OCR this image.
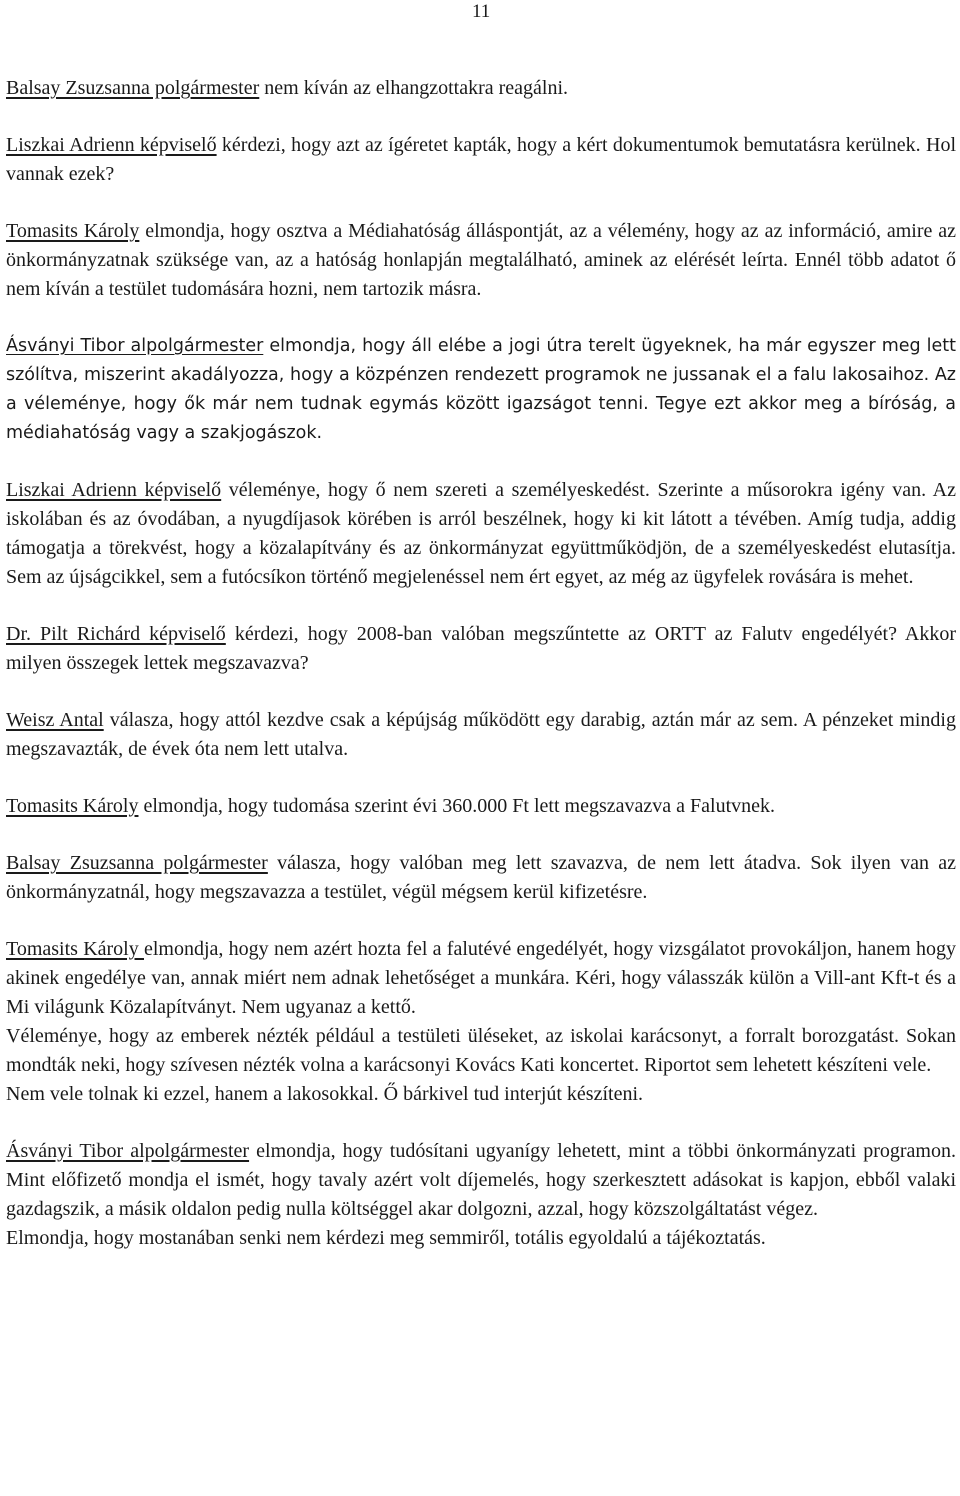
11

Balsay Zsuzsanna polgármester nem kíván az elhangzottakra reagálni.

Liszkai Adrienn képviselő kérdezi, hogy azt az ígéretet kapták, hogy a kért dokumentumok bemutatásra kerülnek. Hol vannak ezek?

Tomasits Károly elmondja, hogy osztva a Médiahatóság álláspontját, az a vélemény, hogy az az információ, amire az önkormányzatnak szüksége van, az a hatóság honlapján megtalálható, aminek az elérését leírta. Ennél több adatot ő nem kíván a testület tudomására hozni, nem tartozik másra.

Ásványi Tibor alpolgármester elmondja, hogy áll elébe a jogi útra terelt ügyeknek, ha már egyszer meg lett szólítva, miszerint akadályozza, hogy a közpénzen rendezett programok ne jussanak el a falu lakosaihoz. Az a véleménye, hogy ők már nem tudnak egymás között igazságot tenni. Tegye ezt akkor meg a bíróság, a médiahatóság vagy a szakjogászok.

Liszkai Adrienn képviselő véleménye, hogy ő nem szereti a személyeskedést. Szerinte a műsorokra igény van. Az iskolában és az óvodában, a nyugdíjasok körében is arról beszélnek, hogy ki kit látott a tévében. Amíg tudja, addig támogatja a törekvést, hogy a közalapítvány és az önkormányzat együttműködjön, de a személyeskedést elutasítja. Sem az újságcikkel, sem a futócsíkon történő megjelenéssel nem ért egyet, az még az ügyfelek rovására is mehet.

Dr. Pilt Richárd képviselő kérdezi, hogy 2008-ban valóban megszűntette az ORTT az Falutv engedélyét? Akkor milyen összegek lettek megszavazva?

Weisz Antal válasza, hogy attól kezdve csak a képújság működött egy darabig, aztán már az sem. A pénzeket mindig megszavazták, de évek óta nem lett utalva.

Tomasits Károly elmondja, hogy tudomása szerint évi 360.000 Ft lett megszavazva a Falutvnek.

Balsay Zsuzsanna polgármester válasza, hogy valóban meg lett szavazva, de nem lett átadva. Sok ilyen van az önkormányzatnál, hogy megszavazza a testület, végül mégsem kerül kifizetésre.

Tomasits Károly elmondja, hogy nem azért hozta fel a falutévé engedélyét, hogy vizsgálatot provokáljon, hanem hogy akinek engedélye van, annak miért nem adnak lehetőséget a munkára. Kéri, hogy válasszák külön a Vill-ant Kft-t és a Mi világunk Közalapítványt. Nem ugyanaz a kettő.

Véleménye, hogy az emberek nézték például a testületi üléseket, az iskolai karácsonyt, a forralt borozgatást. Sokan mondták neki, hogy szívesen nézték volna a karácsonyi Kovács Kati koncertet. Riportot sem lehetett készíteni vele.

Nem vele tolnak ki ezzel, hanem a lakosokkal. Ő bárkivel tud interjút készíteni.

Ásványi Tibor alpolgármester elmondja, hogy tudósítani ugyanígy lehetett, mint a többi önkormányzati programon. Mint előfizető mondja el ismét, hogy tavaly azért volt díjemelés, hogy szerkesztett adásokat is kapjon, ebből valaki gazdagszik, a másik oldalon pedig nulla költséggel akar dolgozni, azzal, hogy közszolgáltatást végez.

Elmondja, hogy mostanában senki nem kérdezi meg semmiről, totális egyoldalú a tájékoztatás.
